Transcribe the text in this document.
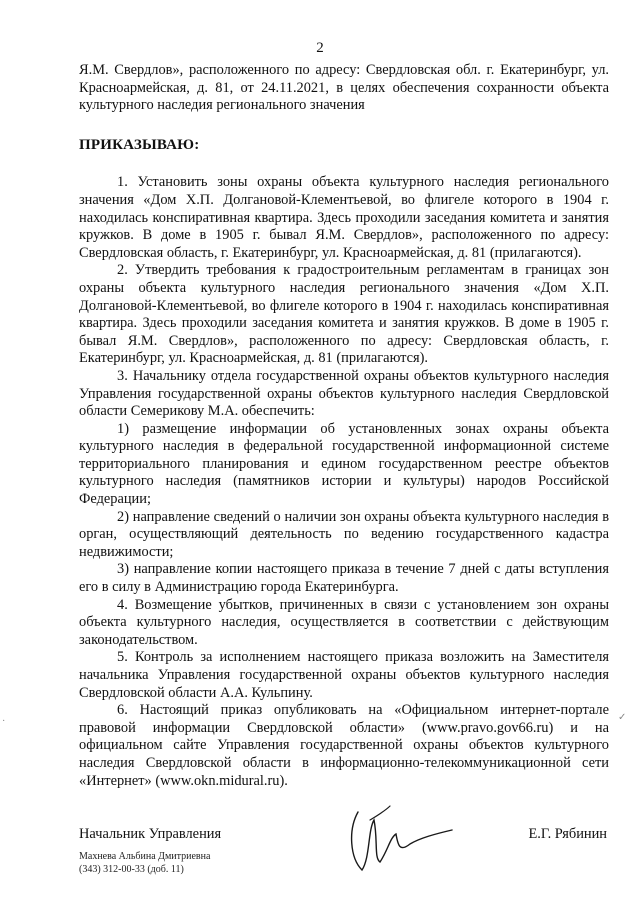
2

Я.М. Свердлов», расположенного по адресу: Свердловская обл. г. Екатеринбург, ул. Красноармейская, д. 81, от 24.11.2021, в целях обеспечения сохранности объекта культурного наследия регионального значения

ПРИКАЗЫВАЮ:

1. Установить зоны охраны объекта культурного наследия регионального значения «Дом Х.П. Долгановой-Клементьевой, во флигеле которого в 1904 г. находилась конспиративная квартира. Здесь проходили заседания комитета и занятия кружков. В доме в 1905 г. бывал Я.М. Свердлов», расположенного по адресу: Свердловская область, г. Екатеринбург, ул. Красноармейская, д. 81 (прилагаются).

2. Утвердить требования к градостроительным регламентам в границах зон охраны объекта культурного наследия регионального значения «Дом Х.П. Долгановой-Клементьевой, во флигеле которого в 1904 г. находилась конспиративная квартира. Здесь проходили заседания комитета и занятия кружков. В доме в 1905 г. бывал Я.М. Свердлов», расположенного по адресу: Свердловская область, г. Екатеринбург, ул. Красноармейская, д. 81 (прилагаются).

3. Начальнику отдела государственной охраны объектов культурного наследия Управления государственной охраны объектов культурного наследия Свердловской области Семерикову М.А. обеспечить:

1) размещение информации об установленных зонах охраны объекта культурного наследия в федеральной государственной информационной системе территориального планирования и едином государственном реестре объектов культурного наследия (памятников истории и культуры) народов Российской Федерации;

2) направление сведений о наличии зон охраны объекта культурного наследия в орган, осуществляющий деятельность по ведению государственного кадастра недвижимости;

3) направление копии настоящего приказа в течение 7 дней с даты вступления его в силу в Администрацию города Екатеринбурга.

4. Возмещение убытков, причиненных в связи с установлением зон охраны объекта культурного наследия, осуществляется в соответствии с действующим законодательством.

5. Контроль за исполнением настоящего приказа возложить на Заместителя начальника Управления государственной охраны объектов культурного наследия Свердловской области А.А. Кульпину.

6. Настоящий приказ опубликовать на «Официальном интернет-портале правовой информации Свердловской области» (www.pravo.gov66.ru) и на официальном сайте Управления государственной охраны объектов культурного наследия Свердловской области в информационно-телекоммуникационной сети «Интернет» (www.okn.midural.ru).

Начальник Управления	Е.Г. Рябинин
Махнева Альбина Дмитриевна
(343) 312-00-33 (доб. 11)
✓
·
